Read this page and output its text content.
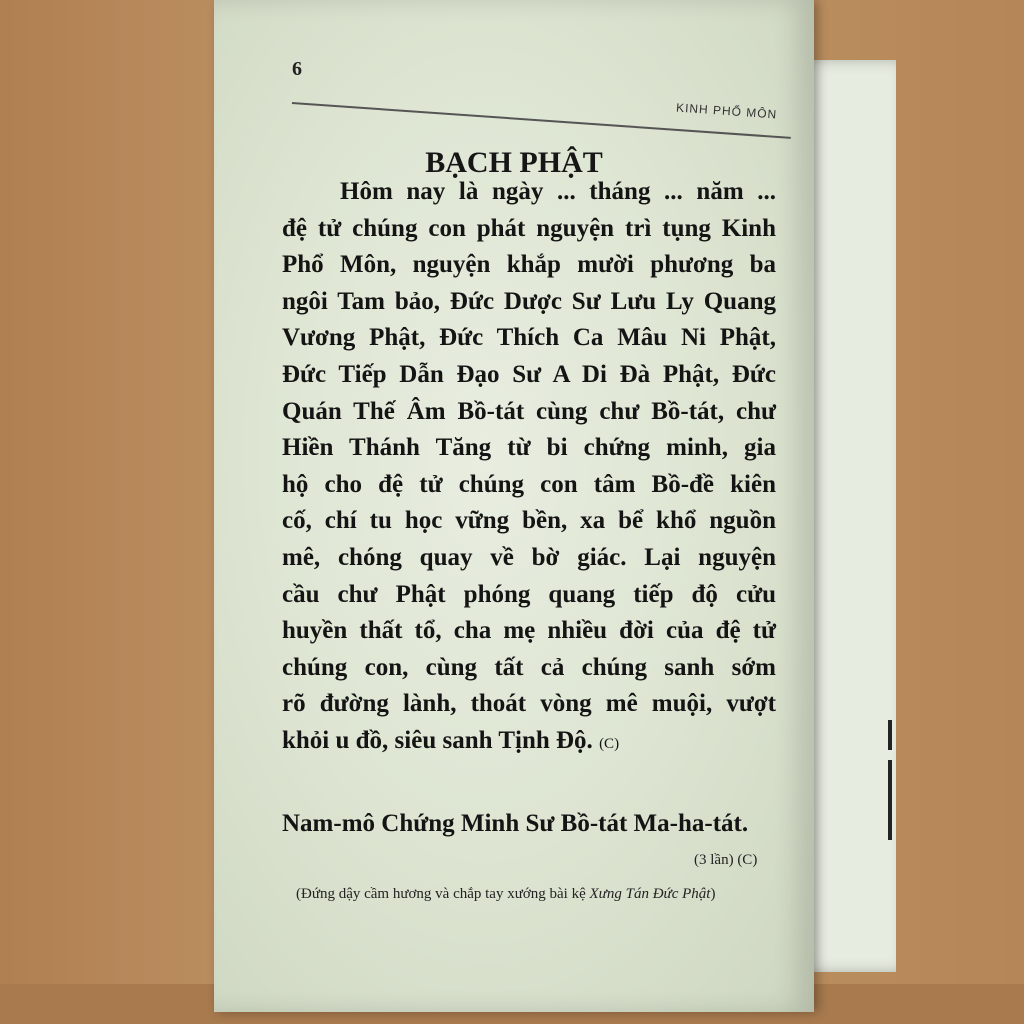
6
KINH PHỔ MÔN
BẠCH PHẬT
Hôm nay là ngày ... tháng ... năm ...
đệ tử chúng con phát nguyện trì tụng Kinh
Phổ Môn, nguyện khắp mười phương ba
ngôi Tam bảo, Đức Dược Sư Lưu Ly Quang
Vương Phật, Đức Thích Ca Mâu Ni Phật,
Đức Tiếp Dẫn Đạo Sư A Di Đà Phật, Đức
Quán Thế Âm Bồ-tát cùng chư Bồ-tát, chư
Hiền Thánh Tăng từ bi chứng minh, gia
hộ cho đệ tử chúng con tâm Bồ-đề kiên
cố, chí tu học vững bền, xa bể khổ nguồn
mê, chóng quay về bờ giác. Lại nguyện
cầu chư Phật phóng quang tiếp độ cửu
huyền thất tổ, cha mẹ nhiều đời của đệ tử
chúng con, cùng tất cả chúng sanh sớm
rõ đường lành, thoát vòng mê muội, vượt
khỏi u đồ, siêu sanh Tịnh Độ. (C)
Nam-mô Chứng Minh Sư Bồ-tát Ma-ha-tát.
(3 lần) (C)
(Đứng dậy cầm hương và chắp tay xướng bài kệ Xưng Tán Đức Phật)
